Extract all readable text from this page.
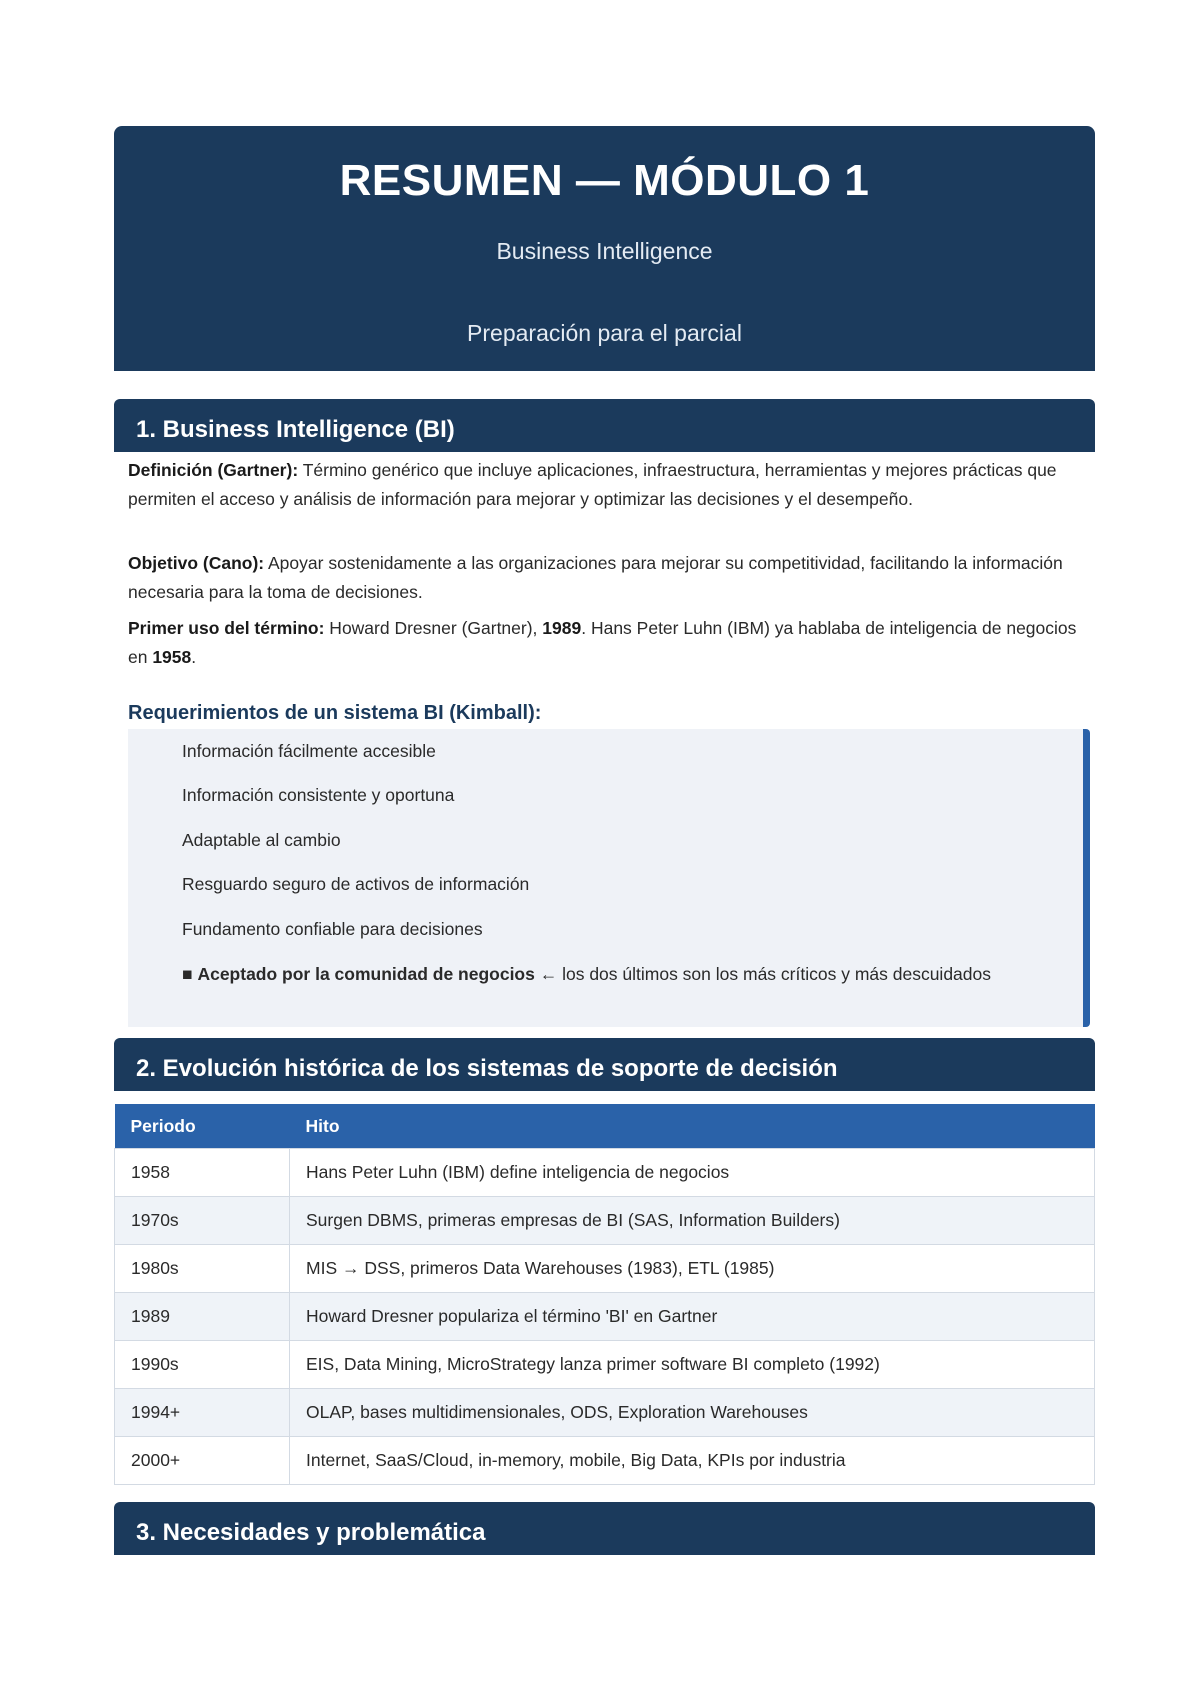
RESUMEN — MÓDULO 1
Business Intelligence
Preparación para el parcial
1. Business Intelligence (BI)
Definición (Gartner): Término genérico que incluye aplicaciones, infraestructura, herramientas y mejores prácticas que permiten el acceso y análisis de información para mejorar y optimizar las decisiones y el desempeño.
Objetivo (Cano): Apoyar sostenidamente a las organizaciones para mejorar su competitividad, facilitando la información necesaria para la toma de decisiones.
Primer uso del término: Howard Dresner (Gartner), 1989. Hans Peter Luhn (IBM) ya hablaba de inteligencia de negocios en 1958.
Requerimientos de un sistema BI (Kimball):
Información fácilmente accesible
Información consistente y oportuna
Adaptable al cambio
Resguardo seguro de activos de información
Fundamento confiable para decisiones
■ Aceptado por la comunidad de negocios ← los dos últimos son los más críticos y más descuidados
2. Evolución histórica de los sistemas de soporte de decisión
Periodo	Hito
1958	Hans Peter Luhn (IBM) define inteligencia de negocios
1970s	Surgen DBMS, primeras empresas de BI (SAS, Information Builders)
1980s	MIS → DSS, primeros Data Warehouses (1983), ETL (1985)
1989	Howard Dresner populariza el término 'BI' en Gartner
1990s	EIS, Data Mining, MicroStrategy lanza primer software BI completo (1992)
1994+	OLAP, bases multidimensionales, ODS, Exploration Warehouses
2000+	Internet, SaaS/Cloud, in-memory, mobile, Big Data, KPIs por industria
3. Necesidades y problemática
